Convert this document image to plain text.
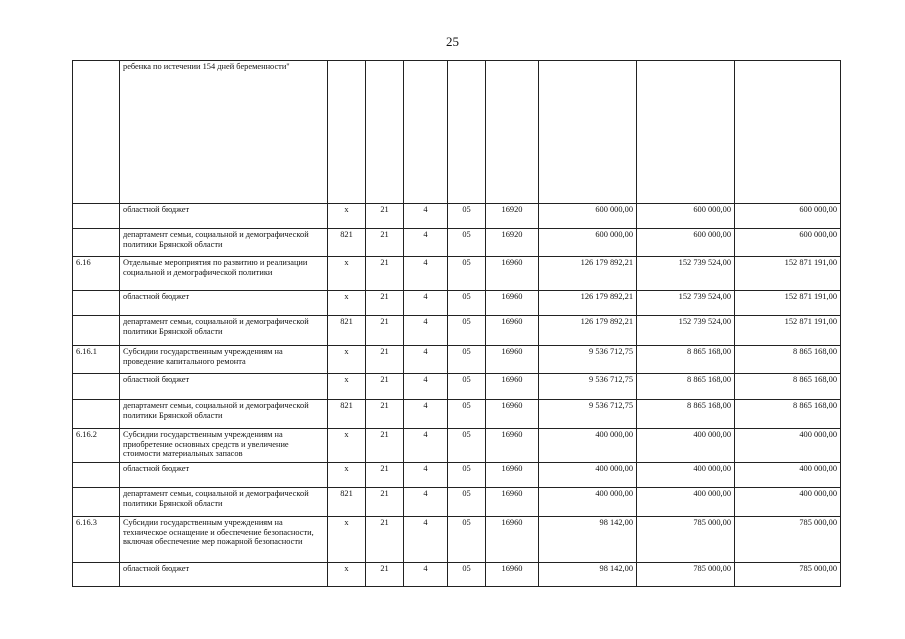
25
	ребенка по истечении 154 дней беременности"								
	областной бюджет	х	21	4	05	16920	600 000,00	600 000,00	600 000,00
	департамент семьи, социальной и демографической политики Брянской области	821	21	4	05	16920	600 000,00	600 000,00	600 000,00
6.16	Отдельные мероприятия по развитию и реализации социальной и демографической политики	х	21	4	05	16960	126 179 892,21	152 739 524,00	152 871 191,00
	областной бюджет	х	21	4	05	16960	126 179 892,21	152 739 524,00	152 871 191,00
	департамент семьи, социальной и демографической политики Брянской области	821	21	4	05	16960	126 179 892,21	152 739 524,00	152 871 191,00
6.16.1	Субсидии государственным учреждениям на проведение капитального ремонта	х	21	4	05	16960	9 536 712,75	8 865 168,00	8 865 168,00
	областной бюджет	х	21	4	05	16960	9 536 712,75	8 865 168,00	8 865 168,00
	департамент семьи, социальной и демографической политики Брянской области	821	21	4	05	16960	9 536 712,75	8 865 168,00	8 865 168,00
6.16.2	Субсидии государственным учреждениям на приобретение основных средств и увеличение стоимости материальных запасов	х	21	4	05	16960	400 000,00	400 000,00	400 000,00
	областной бюджет	х	21	4	05	16960	400 000,00	400 000,00	400 000,00
	департамент семьи, социальной и демографической политики Брянской области	821	21	4	05	16960	400 000,00	400 000,00	400 000,00
6.16.3	Субсидии государственным учреждениям на техническое оснащение и обеспечение безопасности, включая обеспечение мер пожарной безопасности	х	21	4	05	16960	98 142,00	785 000,00	785 000,00
	областной бюджет	х	21	4	05	16960	98 142,00	785 000,00	785 000,00
